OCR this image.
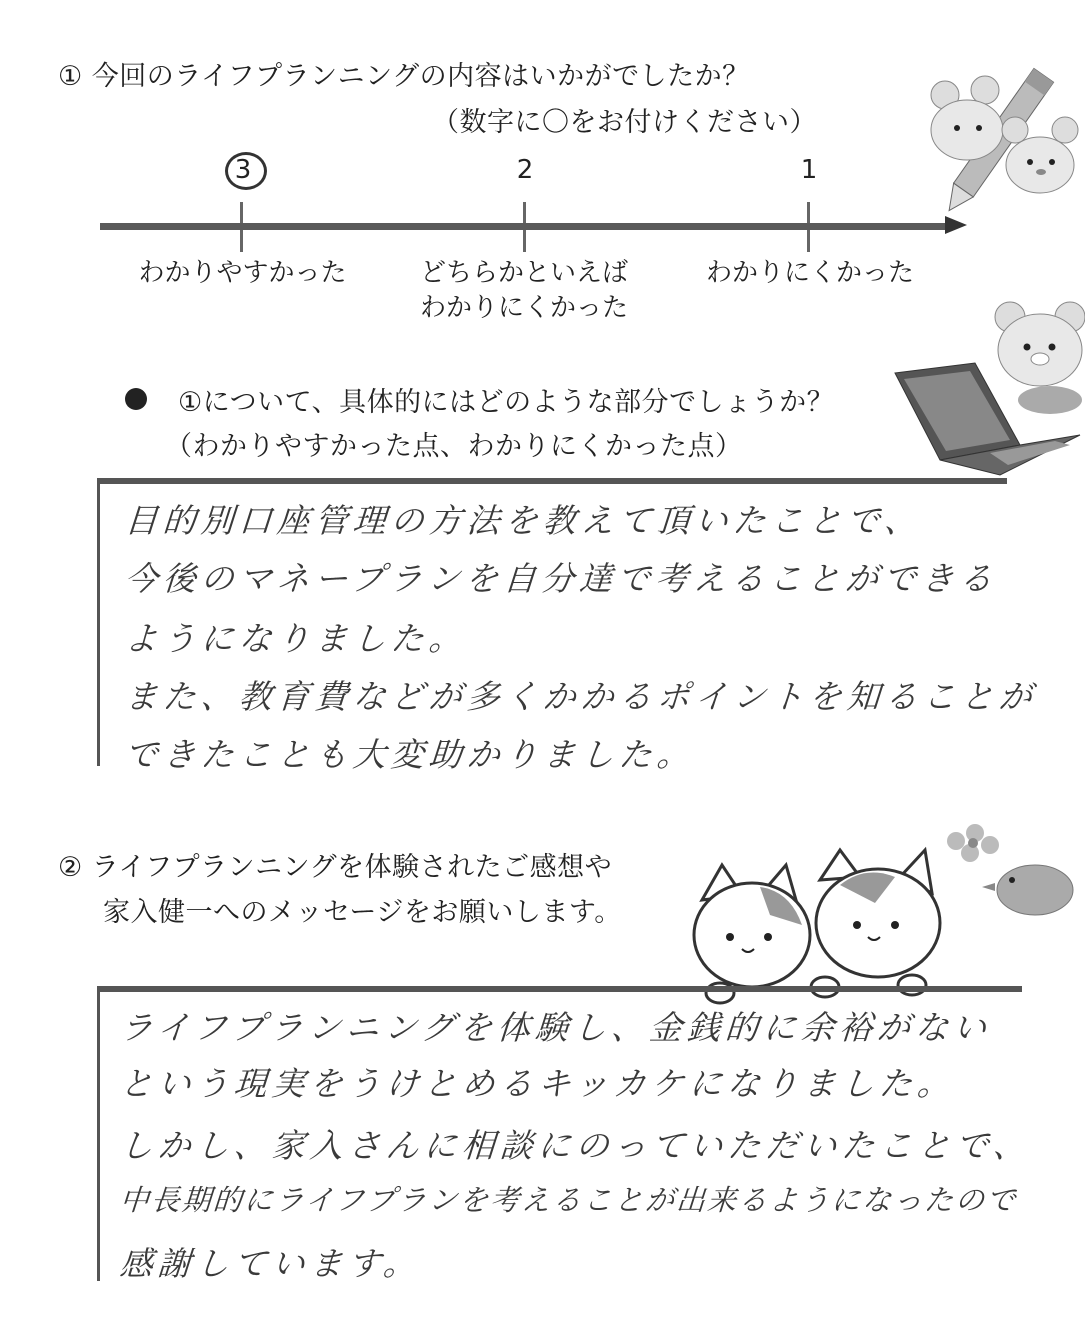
① 今回のライフプランニングの内容はいかがでしたか？
（数字に〇をお付けください）
3	2	1
わかりやすかった	どちらかといえば
わかりにくかった
わかりにくかった
①について、具体的にはどのような部分でしょうか？
（わかりやすかった点、わかりにくかった点）
目的別口座管理の方法を教えて頂いたことで、
今後のマネープランを自分達で考えることができる
ようになりました。
また、教育費などが多くかかるポイントを知ることが
できたことも大変助かりました。
② ライフプランニングを体験されたご感想や
家入健一へのメッセージをお願いします。
ライフプランニングを体験し、金銭的に余裕がない
という現実をうけとめるキッカケになりました。
しかし、家入さんに相談にのっていただいたことで、
中長期的にライフプランを考えることが出来るようになったので
感謝しています。
